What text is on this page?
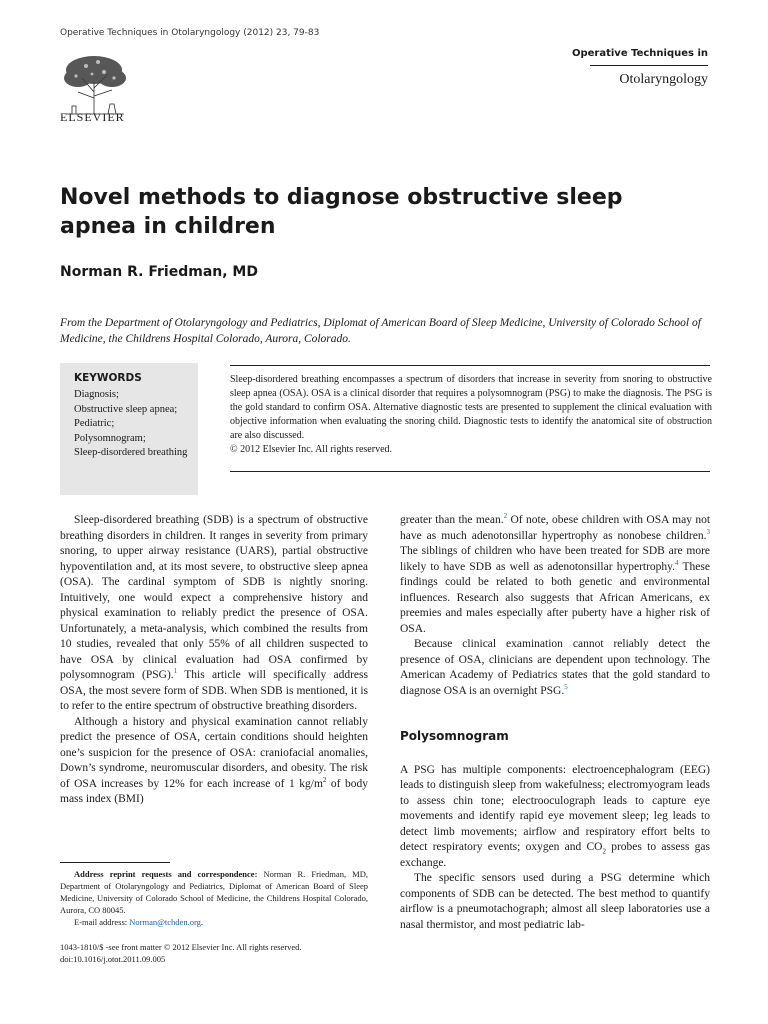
Operative Techniques in Otolaryngology (2012) 23, 79-83
ELSEVIER
Operative Techniques in
Otolaryngology
Novel methods to diagnose obstructive sleep apnea in children
Norman R. Friedman, MD
From the Department of Otolaryngology and Pediatrics, Diplomat of American Board of Sleep Medicine, University of Colorado School of Medicine, the Childrens Hospital Colorado, Aurora, Colorado.
KEYWORDS
Diagnosis;
Obstructive sleep apnea;
Pediatric;
Polysomnogram;
Sleep-disordered breathing
Sleep-disordered breathing encompasses a spectrum of disorders that increase in severity from snoring to obstructive sleep apnea (OSA). OSA is a clinical disorder that requires a polysomnogram (PSG) to make the diagnosis. The PSG is the gold standard to confirm OSA. Alternative diagnostic tests are presented to supplement the clinical evaluation with objective information when evaluating the snoring child. Diagnostic tests to identify the anatomical site of obstruction are also discussed.
© 2012 Elsevier Inc. All rights reserved.

Sleep-disordered breathing (SDB) is a spectrum of obstructive breathing disorders in children. It ranges in severity from primary snoring, to upper airway resistance (UARS), partial obstructive hypoventilation and, at its most severe, to obstructive sleep apnea (OSA). The cardinal symptom of SDB is nightly snoring. Intuitively, one would expect a comprehensive history and physical examination to reliably predict the presence of OSA. Unfortunately, a meta-analysis, which combined the results from 10 studies, revealed that only 55% of all children suspected to have OSA by clinical evaluation had OSA confirmed by polysomnogram (PSG).$^1$ This article will specifically address OSA, the most severe form of SDB. When SDB is mentioned, it is to refer to the entire spectrum of obstructive breathing disorders.

Although a history and physical examination cannot reliably predict the presence of OSA, certain conditions should heighten one’s suspicion for the presence of OSA: craniofacial anomalies, Down’s syndrome, neuromuscular disorders, and obesity. The risk of OSA increases by 12% for each increase of 1 $kg/m^2$ of body mass index (BMI)

greater than the mean.$^2$ Of note, obese children with OSA may not have as much adenotonsillar hypertrophy as nonobese children.$^3$ The siblings of children who have been treated for SDB are more likely to have SDB as well as adenotonsillar hypertrophy.$^4$ These findings could be related to both genetic and environmental influences. Research also suggests that African Americans, ex preemies and males especially after puberty have a higher risk of OSA.

Because clinical examination cannot reliably detect the presence of OSA, clinicians are dependent upon technology. The American Academy of Pediatrics states that the gold standard to diagnose OSA is an overnight PSG.$^5$

Polysomnogram

A PSG has multiple components: electroencephalogram (EEG) leads to distinguish sleep from wakefulness; electromyogram leads to assess chin tone; electrooculograph leads to capture eye movements and identify rapid eye movement sleep; leg leads to detect limb movements; airflow and respiratory effort belts to detect respiratory events; oxygen and $CO_2$ probes to assess gas exchange.

The specific sensors used during a PSG determine which components of SDB can be detected. The best method to quantify airflow is a pneumotachograph; almost all sleep laboratories use a nasal thermistor, and most pediatric lab-

Address reprint requests and correspondence: Norman R. Friedman, MD, Department of Otolaryngology and Pediatrics, Diplomat of American Board of Sleep Medicine, University of Colorado School of Medicine, the Childrens Hospital Colorado, Aurora, CO 80045.

E-mail address: Norman@tchden.org.

1043-1810/$ -see front matter © 2012 Elsevier Inc. All rights reserved.
doi:10.1016/j.otot.2011.09.005
